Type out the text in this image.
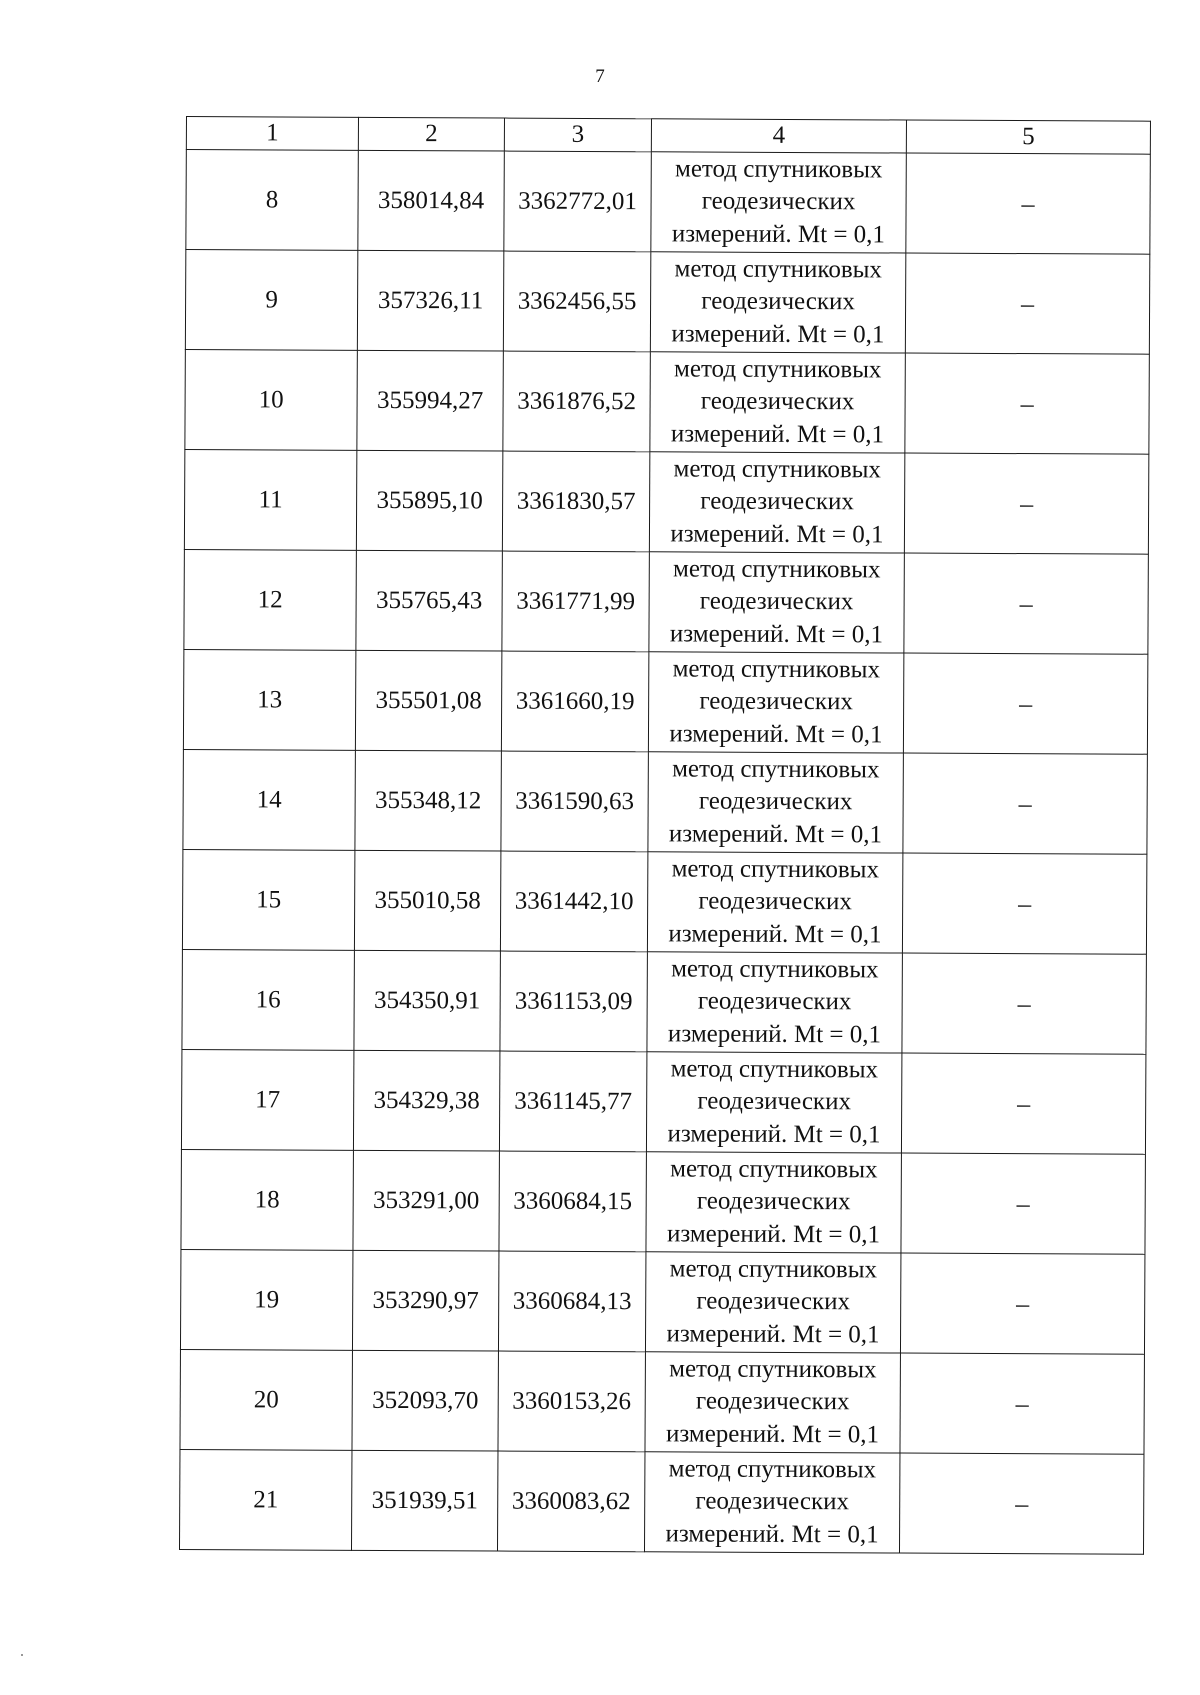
7
1	2	3	4	5
8	358014,84	3362772,01	метод спутниковых
геодезических
измерений. Mt = 0,1	–
9	357326,11	3362456,55	метод спутниковых
геодезических
измерений. Mt = 0,1	–
10	355994,27	3361876,52	метод спутниковых
геодезических
измерений. Mt = 0,1	–
11	355895,10	3361830,57	метод спутниковых
геодезических
измерений. Mt = 0,1	–
12	355765,43	3361771,99	метод спутниковых
геодезических
измерений. Mt = 0,1	–
13	355501,08	3361660,19	метод спутниковых
геодезических
измерений. Mt = 0,1	–
14	355348,12	3361590,63	метод спутниковых
геодезических
измерений. Mt = 0,1	–
15	355010,58	3361442,10	метод спутниковых
геодезических
измерений. Mt = 0,1	–
16	354350,91	3361153,09	метод спутниковых
геодезических
измерений. Mt = 0,1	–
17	354329,38	3361145,77	метод спутниковых
геодезических
измерений. Mt = 0,1	–
18	353291,00	3360684,15	метод спутниковых
геодезических
измерений. Mt = 0,1	–
19	353290,97	3360684,13	метод спутниковых
геодезических
измерений. Mt = 0,1	–
20	352093,70	3360153,26	метод спутниковых
геодезических
измерений. Mt = 0,1	–
21	351939,51	3360083,62	метод спутниковых
геодезических
измерений. Mt = 0,1	–
